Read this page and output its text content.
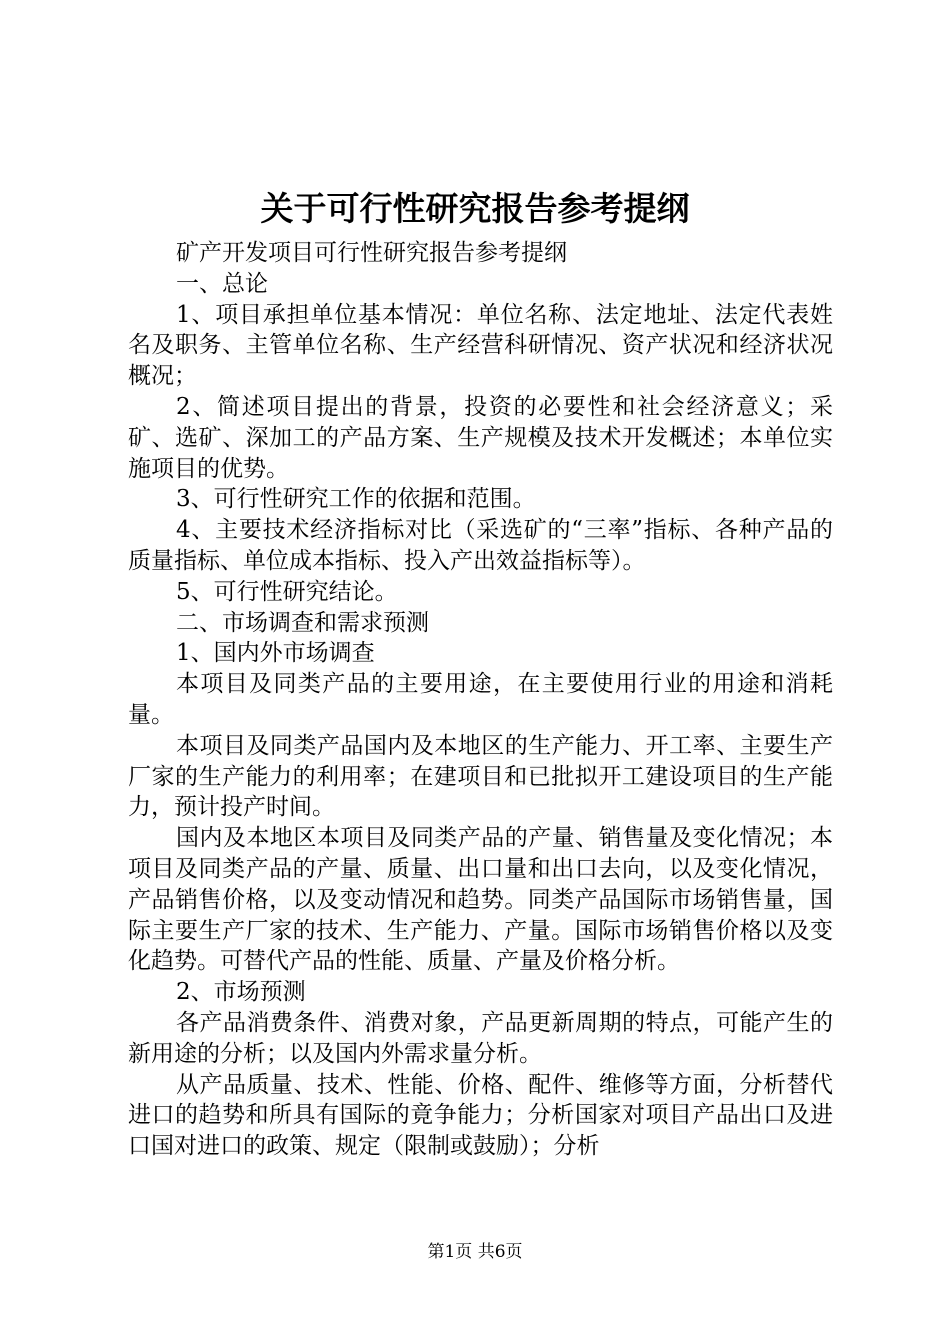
关于可行性研究报告参考提纲

矿产开发项目可行性研究报告参考提纲

一、总论

1、项目承担单位基本情况：单位名称、法定地址、法定代表姓名及职务、主管单位名称、生产经营科研情况、资产状况和经济状况概况；

2、简述项目提出的背景，投资的必要性和社会经济意义；采矿、选矿、深加工的产品方案、生产规模及技术开发概述；本单位实施项目的优势。

3、可行性研究工作的依据和范围。

4、主要技术经济指标对比（采选矿的“三率”指标、各种产品的质量指标、单位成本指标、投入产出效益指标等）。

5、可行性研究结论。

二、市场调查和需求预测

1、国内外市场调查

本项目及同类产品的主要用途，在主要使用行业的用途和消耗量。

本项目及同类产品国内及本地区的生产能力、开工率、主要生产厂家的生产能力的利用率；在建项目和已批拟开工建设项目的生产能力，预计投产时间。

国内及本地区本项目及同类产品的产量、销售量及变化情况；本项目及同类产品的产量、质量、出口量和出口去向，以及变化情况，产品销售价格，以及变动情况和趋势。同类产品国际市场销售量，国际主要生产厂家的技术、生产能力、产量。国际市场销售价格以及变化趋势。可替代产品的性能、质量、产量及价格分析。

2、市场预测

各产品消费条件、消费对象，产品更新周期的特点，可能产生的新用途的分析；以及国内外需求量分析。

从产品质量、技术、性能、价格、配件、维修等方面，分析替代进口的趋势和所具有国际的竟争能力；分析国家对项目产品出口及进口国对进口的政策、规定（限制或鼓励）；分析

第1页 共6页
